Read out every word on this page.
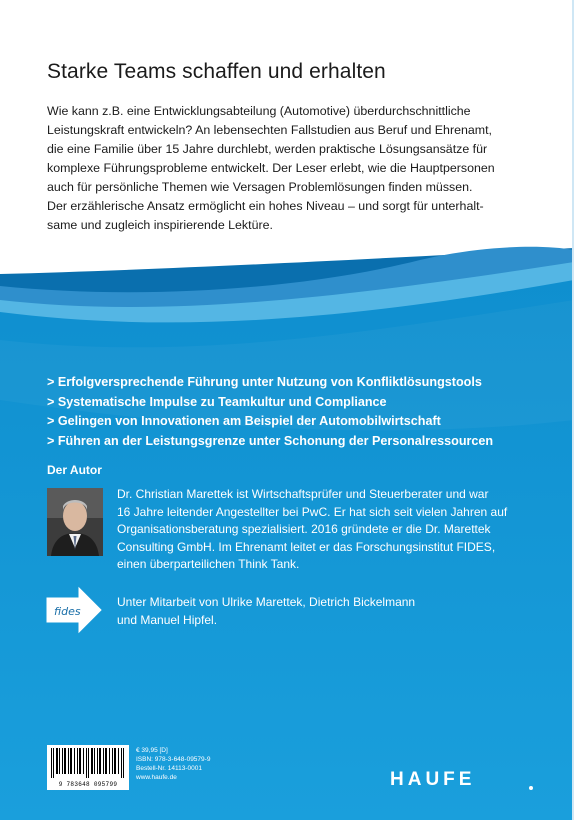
Starke Teams schaffen und erhalten

Wie kann z.B. eine Entwicklungsabteilung (Automotive) überdurchschnittliche
Leistungskraft entwickeln? An lebensechten Fallstudien aus Beruf und Ehrenamt,
die eine Familie über 15 Jahre durchlebt, werden praktische Lösungsansätze für
komplexe Führungsprobleme entwickelt. Der Leser erlebt, wie die Hauptpersonen
auch für persönliche Themen wie Versagen Problemlösungen finden müssen.
Der erzählerische Ansatz ermöglicht ein hohes Niveau – und sorgt für unterhalt-
same und zugleich inspirierende Lektüre.

> Erfolgversprechende Führung unter Nutzung von Konfliktlösungstools
> Systematische Impulse zu Teamkultur und Compliance
> Gelingen von Innovationen am Beispiel der Automobilwirtschaft
> Führen an der Leistungsgrenze unter Schonung der Personalressourcen
Der Autor
Dr. Christian Marettek ist Wirtschaftsprüfer und Steuerberater und war
16 Jahre leitender Angestellter bei PwC. Er hat sich seit vielen Jahren auf
Organisationsberatung spezialisiert. 2016 gründete er die Dr. Marettek
Consulting GmbH. Im Ehrenamt leitet er das Forschungsinstitut FIDES,
einen überparteilichen Think Tank.
fides
Unter Mitarbeit von Ulrike Marettek, Dietrich Bickelmann
und Manuel Hipfel.
9 783648 095799
€ 39,95 [D]
ISBN: 978-3-648-09579-9
Bestell-Nr. 14113-0001
www.haufe.de	HAUFE
